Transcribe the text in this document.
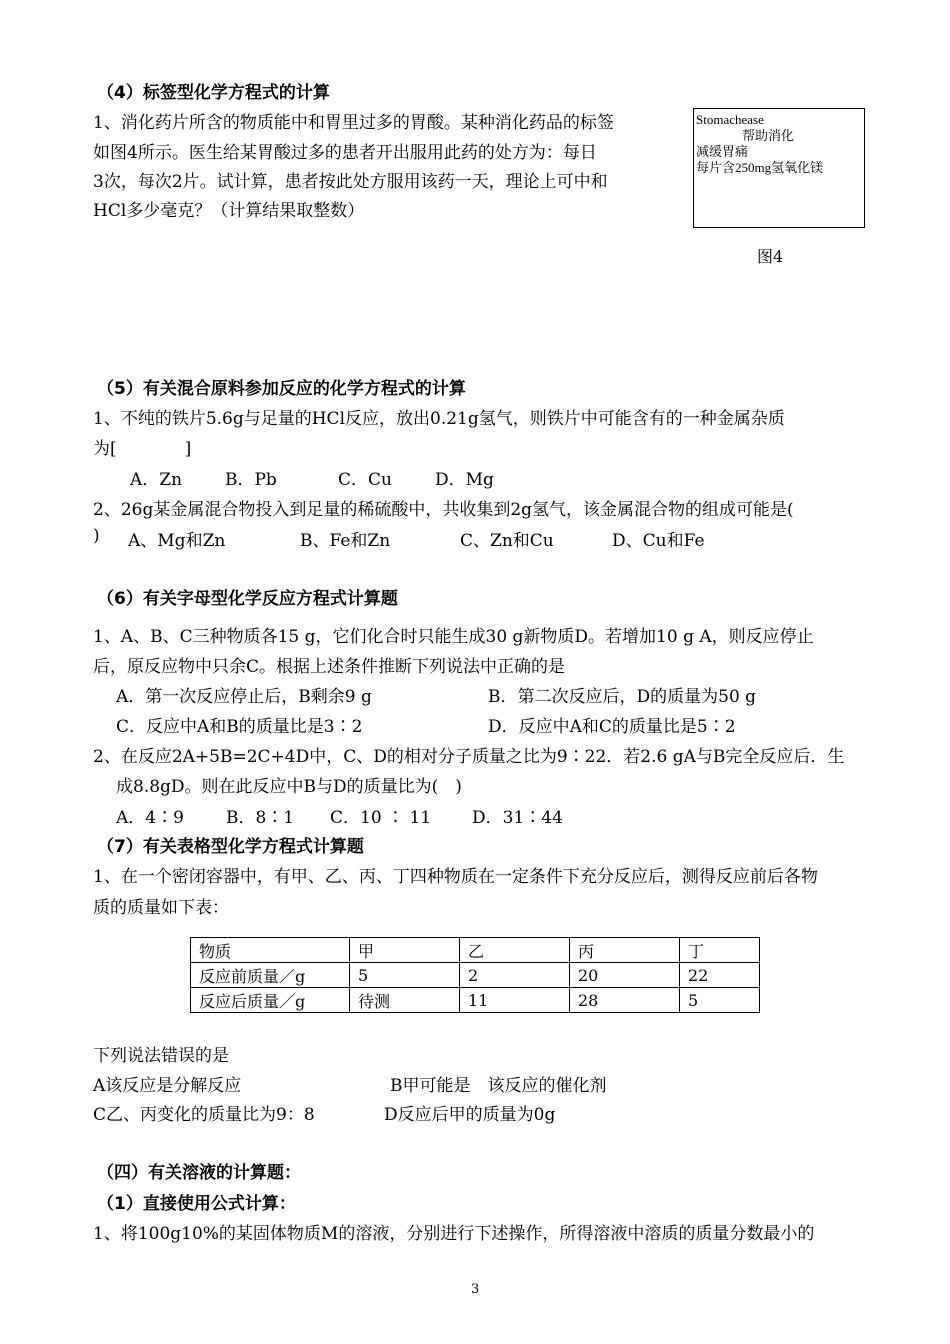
（4）标签型化学方程式的计算
1、消化药片所含的物质能中和胃里过多的胃酸。某种消化药品的标签
如图4所示。医生给某胃酸过多的患者开出服用此药的处方为：每日
3次，每次2片。试计算，患者按此处方服用该药一天，理论上可中和
HCl多少毫克？（计算结果取整数）
Stomachease
帮助消化
减缓胃痛
每片含250mg氢氧化镁
图4
（5）有关混合原料参加反应的化学方程式的计算
1、不纯的铁片5.6g与足量的HCl反应，放出0.21g氢气，则铁片中可能含有的一种金属杂质
为[　　　　]
A．Zn	B．Pb	C．Cu	D．Mg
2、26g某金属混合物投入到足量的稀硫酸中，共收集到2g氢气，该金属混合物的组成可能是(
) A、Mg和Zn	B、Fe和Zn	C、Zn和Cu	D、Cu和Fe
（6）有关字母型化学反应方程式计算题
1、A、B、C三种物质各15 g，它们化合时只能生成30 g新物质D。若增加10 g A，则反应停止
后，原反应物中只余C。根据上述条件推断下列说法中正确的是
A．第一次反应停止后，B剩余9 g	B．第二次反应后，D的质量为50 g
C．反应中A和B的质量比是3∶2	D．反应中A和C的质量比是5∶2
2、在反应2A+5B=2C+4D中，C、D的相对分子质量之比为9∶22．若2.6 gA与B完全反应后．生
成8.8gD。则在此反应中B与D的质量比为(　)
A．4∶9 B．8∶1 C．10 ∶ 11 D．31∶44
（7）有关表格型化学方程式计算题
1、在一个密闭容器中，有甲、乙、丙、丁四种物质在一定条件下充分反应后，测得反应前后各物
质的质量如下表：
物质	甲	乙	丙	丁
反应前质量／g	5	2	20	22
反应后质量／g	待测	11	28	5
下列说法错误的是
A该反应是分解反应	B甲可能是　该反应的催化剂
C乙、丙变化的质量比为9：8	D反应后甲的质量为0g
（四）有关溶液的计算题：
（1）直接使用公式计算：
1、将100g10%的某固体物质M的溶液，分别进行下述操作，所得溶液中溶质的质量分数最小的
3
